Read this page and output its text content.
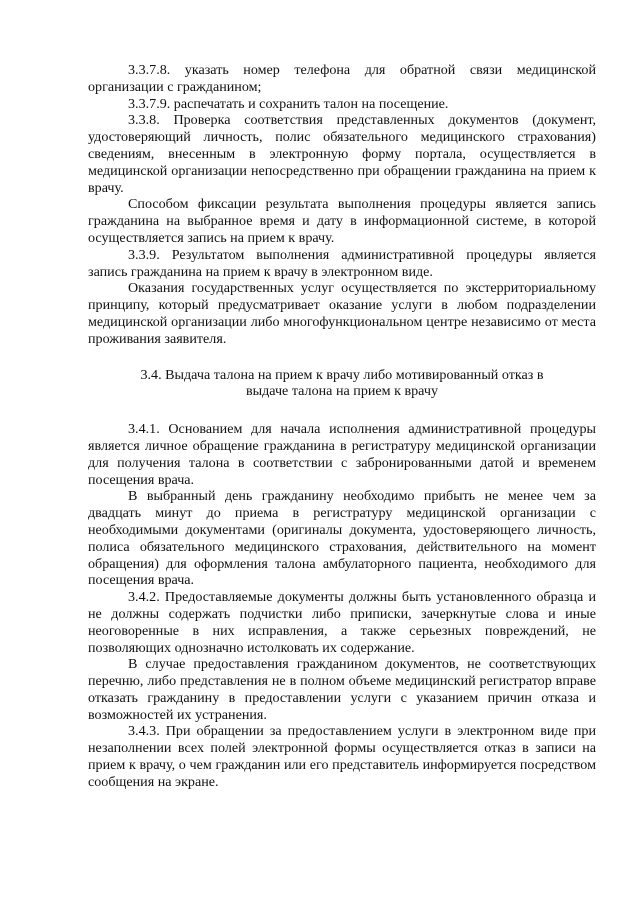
3.3.7.8. указать номер телефона для обратной связи медицинской организации с гражданином;

3.3.7.9. распечатать и сохранить талон на посещение.

3.3.8. Проверка соответствия представленных документов (документ, удостоверяющий личность, полис обязательного медицинского страхования) сведениям, внесенным в электронную форму портала, осуществляется в медицинской организации непосредственно при обращении гражданина на прием к врачу.

Способом фиксации результата выполнения процедуры является запись гражданина на выбранное время и дату в информационной системе, в которой осуществляется запись на прием к врачу.

3.3.9. Результатом выполнения административной процедуры является запись гражданина на прием к врачу в электронном виде.

Оказания государственных услуг осуществляется по экстерриториальному принципу, который предусматривает оказание услуги в любом подразделении медицинской организации либо многофункциональном центре независимо от места проживания заявителя.

3.4. Выдача талона на прием к врачу либо мотивированный отказ в
выдаче талона на прием к врачу

3.4.1. Основанием для начала исполнения административной процедуры является личное обращение гражданина в регистратуру медицинской организации для получения талона в соответствии с забронированными датой и временем посещения врача.

В выбранный день гражданину необходимо прибыть не менее чем за двадцать минут до приема в регистратуру медицинской организации с необходимыми документами (оригиналы документа, удостоверяющего личность, полиса обязательного медицинского страхования, действительного на момент обращения) для оформления талона амбулаторного пациента, необходимого для посещения врача.

3.4.2. Предоставляемые документы должны быть установленного образца и не должны содержать подчистки либо приписки, зачеркнутые слова и иные неоговоренные в них исправления, а также серьезных повреждений, не позволяющих однозначно истолковать их содержание.

В случае предоставления гражданином документов, не соответствующих перечню, либо представления не в полном объеме медицинский регистратор вправе отказать гражданину в предоставлении услуги с указанием причин отказа и возможностей их устранения.

3.4.3. При обращении за предоставлением услуги в электронном виде при незаполнении всех полей электронной формы осуществляется отказ в записи на прием к врачу, о чем гражданин или его представитель информируется посредством сообщения на экране.
